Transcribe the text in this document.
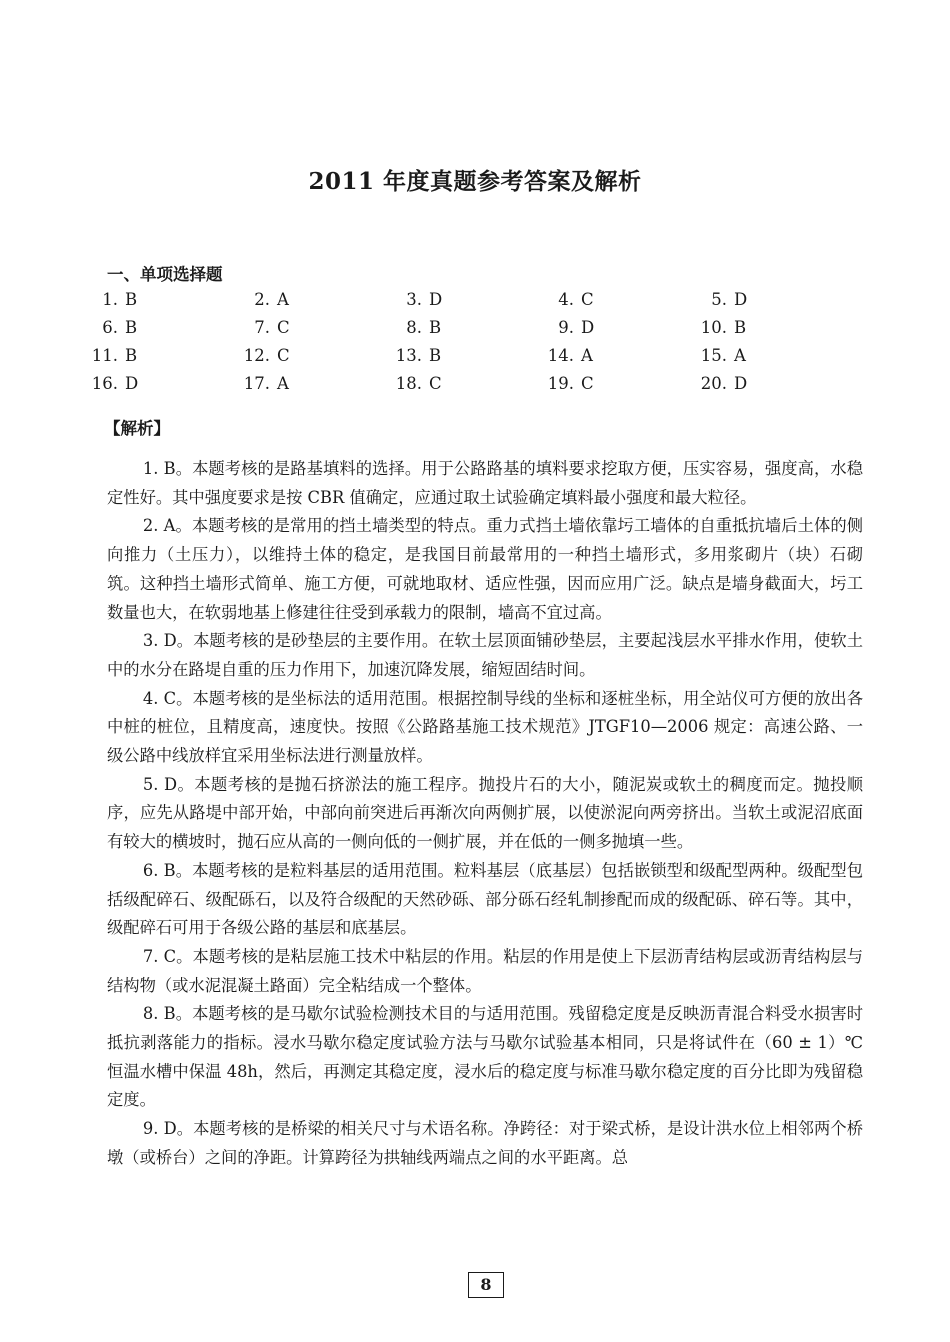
2011 年度真题参考答案及解析
一、单项选择题
1. B	2. A	3. D	4. C	5. D
6. B	7. C	8. B	9. D	10. B
11. B	12. C	13. B	14. A	15. A
16. D	17. A	18. C	19. C	20. D
【解析】

1. B。本题考核的是路基填料的选择。用于公路路基的填料要求挖取方便，压实容易，强度高，水稳定性好。其中强度要求是按 CBR 值确定，应通过取土试验确定填料最小强度和最大粒径。

2. A。本题考核的是常用的挡土墙类型的特点。重力式挡土墙依靠圬工墙体的自重抵抗墙后土体的侧向推力（土压力），以维持土体的稳定，是我国目前最常用的一种挡土墙形式，多用浆砌片（块）石砌筑。这种挡土墙形式简单、施工方便，可就地取材、适应性强，因而应用广泛。缺点是墙身截面大，圬工数量也大，在软弱地基上修建往往受到承载力的限制，墙高不宜过高。

3. D。本题考核的是砂垫层的主要作用。在软土层顶面铺砂垫层，主要起浅层水平排水作用，使软土中的水分在路堤自重的压力作用下，加速沉降发展，缩短固结时间。

4. C。本题考核的是坐标法的适用范围。根据控制导线的坐标和逐桩坐标，用全站仪可方便的放出各中桩的桩位，且精度高，速度快。按照《公路路基施工技术规范》JTGF10—2006 规定：高速公路、一级公路中线放样宜采用坐标法进行测量放样。

5. D。本题考核的是抛石挤淤法的施工程序。抛投片石的大小，随泥炭或软土的稠度而定。抛投顺序，应先从路堤中部开始，中部向前突进后再渐次向两侧扩展，以使淤泥向两旁挤出。当软土或泥沼底面有较大的横坡时，抛石应从高的一侧向低的一侧扩展，并在低的一侧多抛填一些。

6. B。本题考核的是粒料基层的适用范围。粒料基层（底基层）包括嵌锁型和级配型两种。级配型包括级配碎石、级配砾石，以及符合级配的天然砂砾、部分砾石经轧制掺配而成的级配砾、碎石等。其中，级配碎石可用于各级公路的基层和底基层。

7. C。本题考核的是粘层施工技术中粘层的作用。粘层的作用是使上下层沥青结构层或沥青结构层与结构物（或水泥混凝土路面）完全粘结成一个整体。

8. B。本题考核的是马歇尔试验检测技术目的与适用范围。残留稳定度是反映沥青混合料受水损害时抵抗剥落能力的指标。浸水马歇尔稳定度试验方法与马歇尔试验基本相同，只是将试件在（60 ± 1）℃恒温水槽中保温 48h，然后，再测定其稳定度，浸水后的稳定度与标准马歇尔稳定度的百分比即为残留稳定度。

9. D。本题考核的是桥梁的相关尺寸与术语名称。净跨径：对于梁式桥，是设计洪水位上相邻两个桥墩（或桥台）之间的净距。计算跨径为拱轴线两端点之间的水平距离。总

8
